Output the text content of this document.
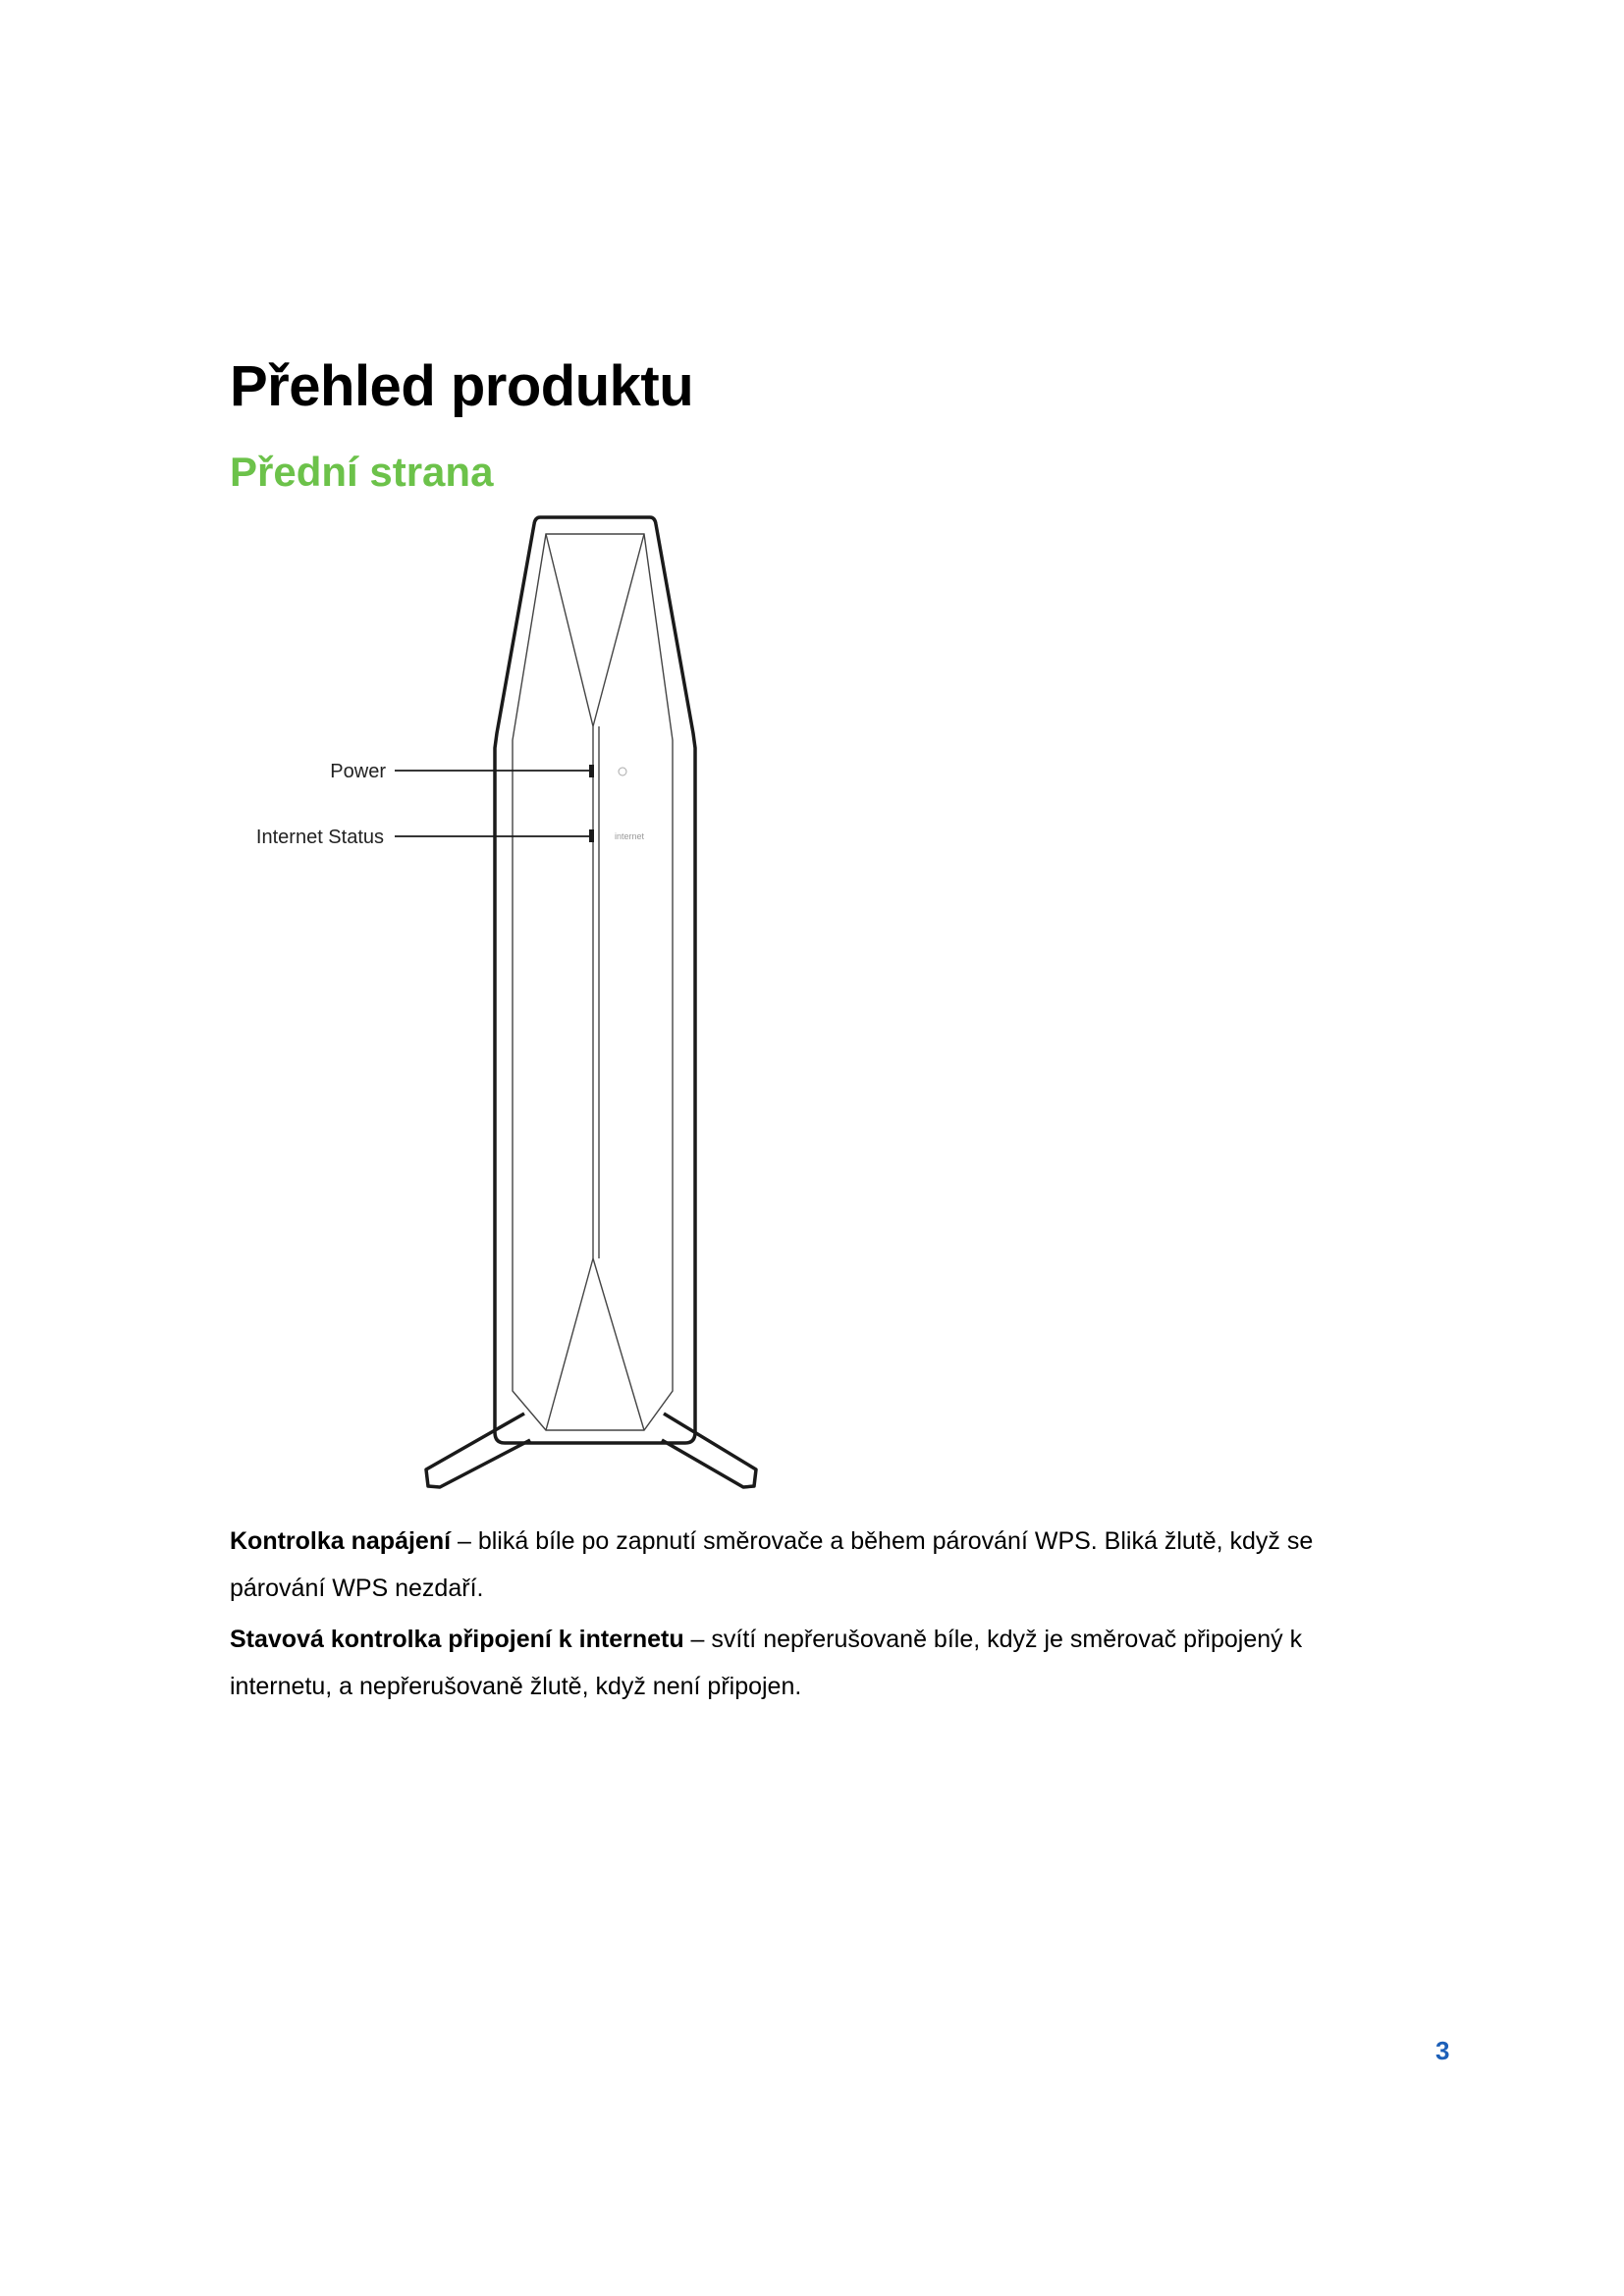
Přehled produktu
Přední strana
internet
Power
Internet Status

Kontrolka napájení – bliká bíle po zapnutí směrovače a během párování WPS. Bliká žlutě, když se párování WPS nezdaří.

Stavová kontrolka připojení k internetu – svítí nepřerušovaně bíle, když je směrovač připojený k internetu, a nepřerušovaně žlutě, když není připojen.

3
